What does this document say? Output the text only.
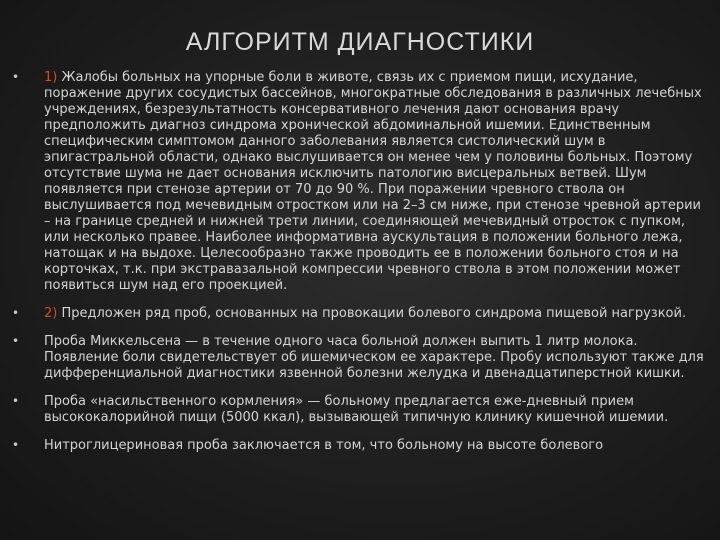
АЛГОРИТМ ДИАГНОСТИКИ
• 1) Жалобы больных на упорные боли в животе, связь их с приемом пищи, исхудание, поражение других сосудистых бассейнов, многократные обследования в различных лечебных учреждениях, безрезультатность консервативного лечения дают основания врачу предположить диагноз синдрома хронической абдоминальной ишемии. Единственным специфическим симптомом данного заболевания является систолический шум в эпигастральной области, однако выслушивается он менее чем у половины больных. Поэтому отсутствие шума не дает основания исключить патологию висцеральных ветвей. Шум появляется при стенозе артерии от 70 до 90 %. При поражении чревного ствола он выслушивается под мечевидным отростком или на 2–3 см ниже, при стенозе чревной артерии – на границе средней и нижней трети линии, соединяющей мечевидный отросток с пупком, или несколько правее. Наиболее информативна аускультация в положении больного лежа, натощак и на выдохе. Целесообразно также проводить ее в положении больного стоя и на корточках, т.к. при экстравазальной компрессии чревного ствола в этом положении может появиться шум над его проекцией.
• 2) Предложен ряд проб, основанных на провокации болевого синдрома пищевой нагрузкой.
• Проба Миккельсена — в течение одного часа больной должен выпить 1 литр молока. Появление боли свидетельствует об ишемическом ее характере. Пробу используют также для дифференциальной диагностики язвенной болезни желудка и двенадцатиперстной кишки.
• Проба «насильственного кормления» — больному предлагается еже-дневный прием высококалорийной пищи (5000 ккал), вызывающей типичную клинику кишечной ишемии.
• Нитроглицериновая проба заключается в том, что больному на высоте болевого
